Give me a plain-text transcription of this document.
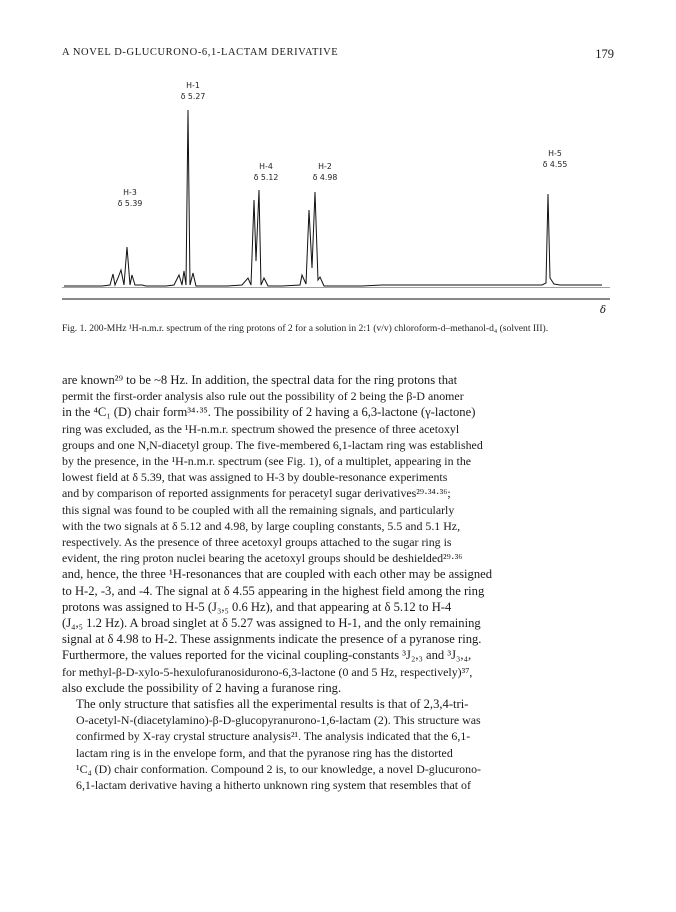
A NOVEL D-GLUCURONO-6,1-LACTAM DERIVATIVE	179
H-1
δ 5.27
H-4
δ 5.12
H-2
δ 4.98
H-5
δ 4.55
H-3
δ 5.39
δ
Fig. 1. 200-MHz ¹H-n.m.r. spectrum of the ring protons of 2 for a solution in 2:1 (v/v) chloroform-d–methanol-d₄ (solvent III).

are known²⁹ to be ~8 Hz. In addition, the spectral data for the ring protons that
permit the first-order analysis also rule out the possibility of 2 being the β-D anomer
in the ⁴C₁ (D) chair form³⁴·³⁵. The possibility of 2 having a 6,3-lactone (γ-lactone)
ring was excluded, as the ¹H-n.m.r. spectrum showed the presence of three acetoxyl
groups and one N,N-diacetyl group. The five-membered 6,1-lactam ring was established
by the presence, in the ¹H-n.m.r. spectrum (see Fig. 1), of a multiplet, appearing in the
lowest field at δ 5.39, that was assigned to H-3 by double-resonance experiments
and by comparison of reported assignments for peracetyl sugar derivatives²⁹·³⁴·³⁶;
this signal was found to be coupled with all the remaining signals, and particularly
with the two signals at δ 5.12 and 4.98, by large coupling constants, 5.5 and 5.1 Hz,
respectively. As the presence of three acetoxyl groups attached to the sugar ring is
evident, the ring proton nuclei bearing the acetoxyl groups should be deshielded²⁹·³⁶
and, hence, the three ¹H-resonances that are coupled with each other may be assigned
to H-2, -3, and -4. The signal at δ 4.55 appearing in the highest field among the ring
protons was assigned to H-5 (J₃,₅ 0.6 Hz), and that appearing at δ 5.12 to H-4
(J₄,₅ 1.2 Hz). A broad singlet at δ 5.27 was assigned to H-1, and the only remaining
signal at δ 4.98 to H-2. These assignments indicate the presence of a pyranose ring.
Furthermore, the values reported for the vicinal coupling-constants ³J₂,₃ and ³J₃,₄,
for methyl-β-D-xylo-5-hexulofuranosidurono-6,3-lactone (0 and 5 Hz, respectively)³⁷,
also exclude the possibility of 2 having a furanose ring.

The only structure that satisfies all the experimental results is that of 2,3,4-tri-
O-acetyl-N-(diacetylamino)-β-D-glucopyranurono-1,6-lactam (2). This structure was
confirmed by X-ray crystal structure analysis²¹. The analysis indicated that the 6,1-
lactam ring is in the envelope form, and that the pyranose ring has the distorted
¹C₄ (D) chair conformation. Compound 2 is, to our knowledge, a novel D-glucurono-
6,1-lactam derivative having a hitherto unknown ring system that resembles that of
